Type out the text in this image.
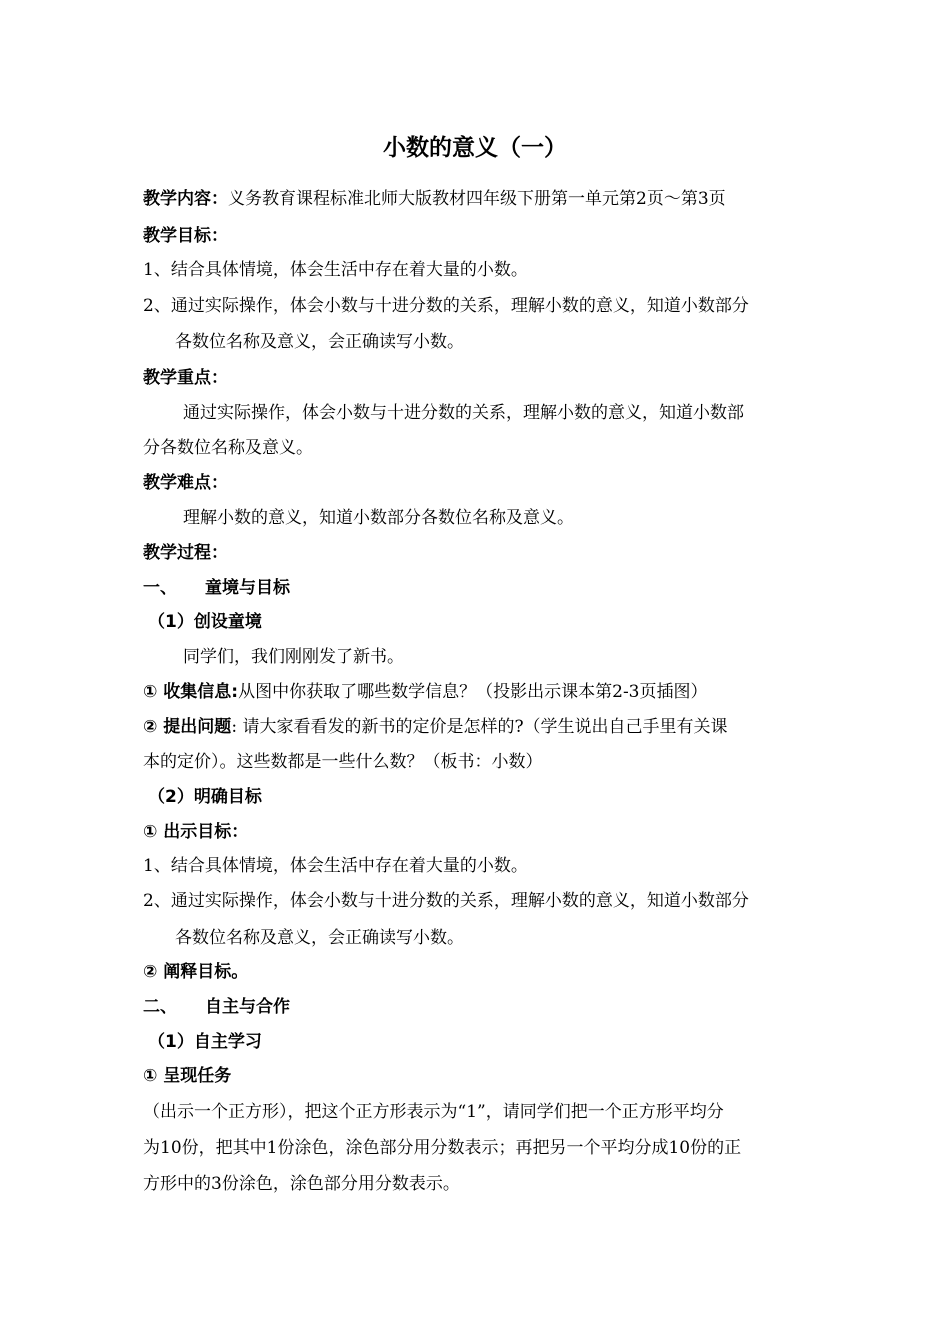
小数的意义（一）
教学内容：义务教育课程标准北师大版教材四年级下册第一单元第2页～第3页
教学目标：
1、结合具体情境，体会生活中存在着大量的小数。
2、通过实际操作，体会小数与十进分数的关系，理解小数的意义，知道小数部分
各数位名称及意义，会正确读写小数。
教学重点：
通过实际操作，体会小数与十进分数的关系，理解小数的意义，知道小数部
分各数位名称及意义。
教学难点：
理解小数的意义，知道小数部分各数位名称及意义。
教学过程：
一、 童境与目标
（1）创设童境
同学们，我们刚刚发了新书。
① 收集信息:从图中你获取了哪些数学信息？（投影出示课本第2-3页插图）
② 提出问题: 请大家看看发的新书的定价是怎样的?（学生说出自己手里有关课
本的定价）。这些数都是一些什么数？（板书：小数）
（2）明确目标
① 出示目标：
1、结合具体情境，体会生活中存在着大量的小数。
2、通过实际操作，体会小数与十进分数的关系，理解小数的意义，知道小数部分
各数位名称及意义，会正确读写小数。
② 阐释目标。
二、 自主与合作
（1）自主学习
① 呈现任务
（出示一个正方形），把这个正方形表示为“1”，请同学们把一个正方形平均分
为10份，把其中1份涂色，涂色部分用分数表示；再把另一个平均分成10份的正
方形中的3份涂色，涂色部分用分数表示。
